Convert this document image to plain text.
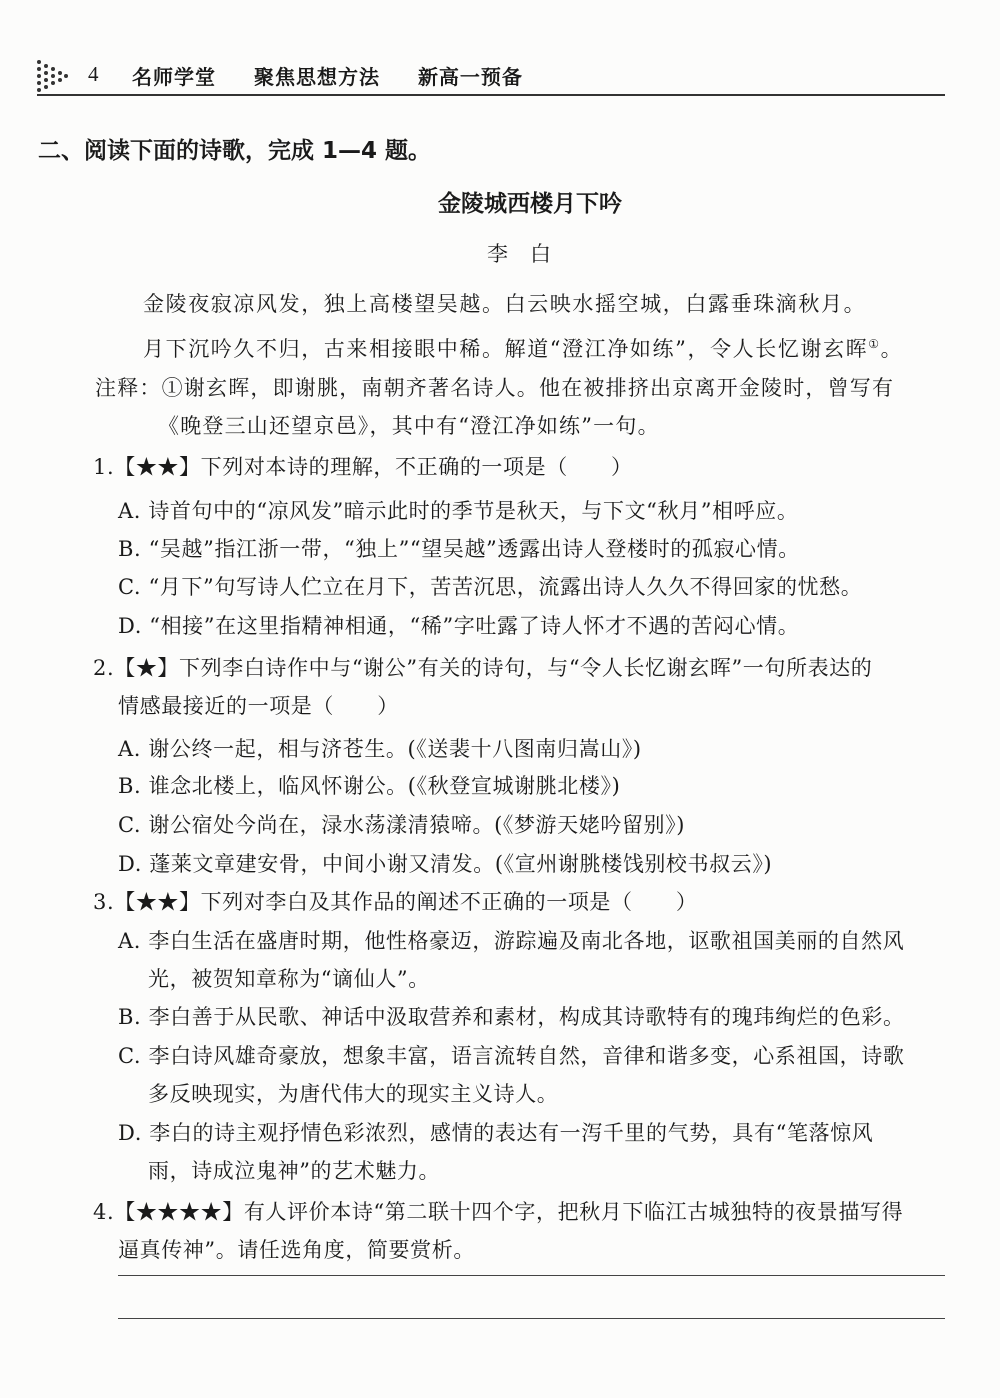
4 名师学堂 聚焦思想方法 新高一预备
二、阅读下面的诗歌，完成 1—4 题。
金陵城西楼月下吟
李白
金陵夜寂凉风发，独上高楼望吴越。白云映水摇空城，白露垂珠滴秋月。
月下沉吟久不归，古来相接眼中稀。解道“澄江净如练”，令人长忆谢玄晖①。
注释：①谢玄晖，即谢朓，南朝齐著名诗人。他在被排挤出京离开金陵时，曾写有
《晚登三山还望京邑》，其中有“澄江净如练”一句。
1.【★★】下列对本诗的理解，不正确的一项是（　　）
A. 诗首句中的“凉风发”暗示此时的季节是秋天，与下文“秋月”相呼应。
B. “吴越”指江浙一带，“独上”“望吴越”透露出诗人登楼时的孤寂心情。
C. “月下”句写诗人伫立在月下，苦苦沉思，流露出诗人久久不得回家的忧愁。
D. “相接”在这里指精神相通，“稀”字吐露了诗人怀才不遇的苦闷心情。
2.【★】下列李白诗作中与“谢公”有关的诗句，与“令人长忆谢玄晖”一句所表达的
情感最接近的一项是（　　）
A. 谢公终一起，相与济苍生。(《送裴十八图南归嵩山》)
B. 谁念北楼上，临风怀谢公。(《秋登宣城谢朓北楼》)
C. 谢公宿处今尚在，渌水荡漾清猿啼。(《梦游天姥吟留别》)
D. 蓬莱文章建安骨，中间小谢又清发。(《宣州谢朓楼饯别校书叔云》)
3.【★★】下列对李白及其作品的阐述不正确的一项是（　　）
A. 李白生活在盛唐时期，他性格豪迈，游踪遍及南北各地，讴歌祖国美丽的自然风
光，被贺知章称为“谪仙人”。
B. 李白善于从民歌、神话中汲取营养和素材，构成其诗歌特有的瑰玮绚烂的色彩。
C. 李白诗风雄奇豪放，想象丰富，语言流转自然，音律和谐多变，心系祖国，诗歌
多反映现实，为唐代伟大的现实主义诗人。
D. 李白的诗主观抒情色彩浓烈，感情的表达有一泻千里的气势，具有“笔落惊风
雨，诗成泣鬼神”的艺术魅力。
4.【★★★★】有人评价本诗“第二联十四个字，把秋月下临江古城独特的夜景描写得
逼真传神”。请任选角度，简要赏析。
